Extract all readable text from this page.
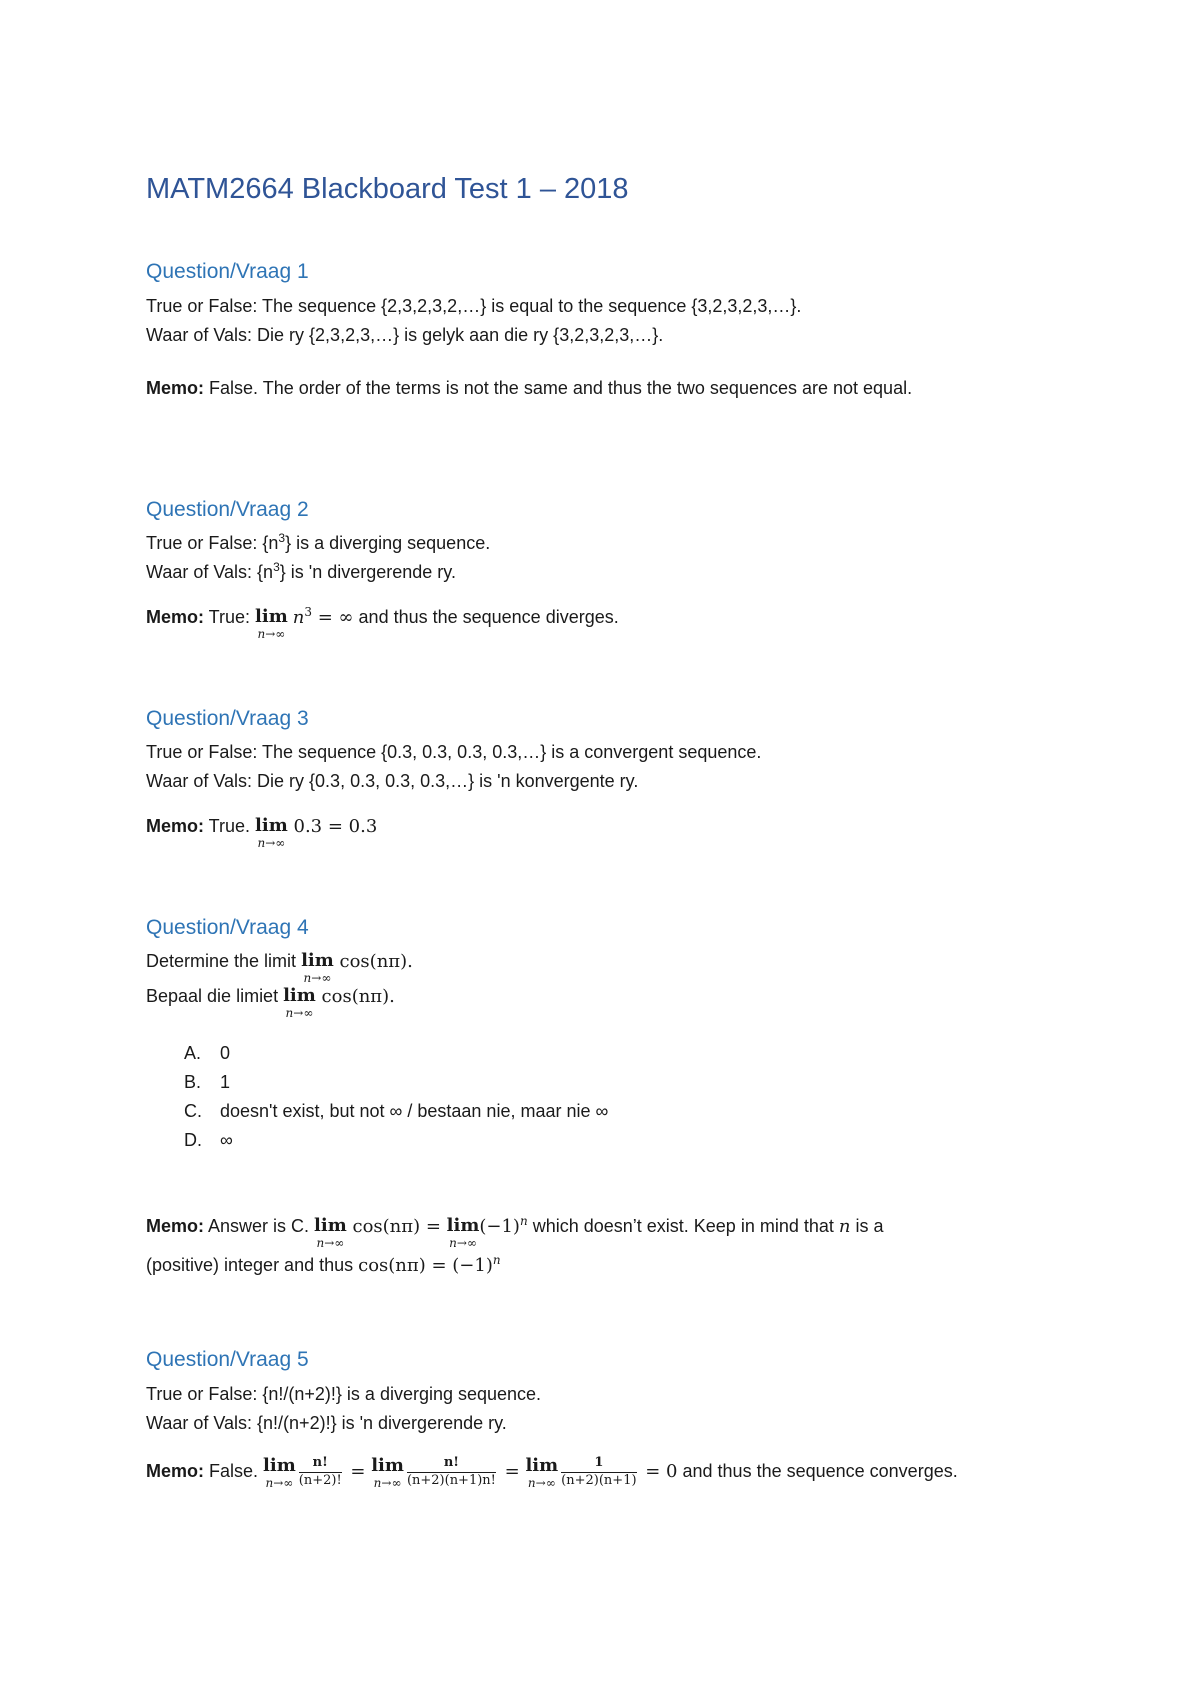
MATM2664 Blackboard Test 1 – 2018
Question/Vraag 1
True or False: The sequence {2,3,2,3,2,…} is equal to the sequence {3,2,3,2,3,…}.
Waar of Vals: Die ry {2,3,2,3,…} is gelyk aan die ry {3,2,3,2,3,…}.
Memo: False. The order of the terms is not the same and thus the two sequences are not equal.
Question/Vraag 2
True or False: $\{n^3\}$ is a diverging sequence.
Waar of Vals: $\{n^3\}$ is 'n divergerende ry.
Memo: True: lim
n→∞
$n^3$ = ∞ and thus the sequence diverges.
Question/Vraag 3
True or False: The sequence {0.3, 0.3, 0.3, 0.3,…} is a convergent sequence.
Waar of Vals: Die ry {0.3, 0.3, 0.3, 0.3,…} is 'n konvergente ry.
Memo: True. lim
n→∞
0.3 = 0.3
Question/Vraag 4
Determine the limit lim
n→∞
cos(nπ).
Bepaal die limiet lim
n→∞
cos(nπ).
A. 0
B. 1
C. doesn't exist, but not ∞ / bestaan nie, maar nie ∞
D. ∞
Memo: Answer is C. lim
n→∞
cos(nπ) = lim
n→∞
$(-1)^n$ which doesn’t exist. Keep in mind that n is a
(positive) integer and thus $\cos(n\pi) = (-1)^n$
Question/Vraag 5
True or False: {n!/(n+2)!} is a diverging sequence.
Waar of Vals: {n!/(n+2)!} is 'n divergerende ry.
Memo: False. lim
$n\to\infty \frac{n!}{(n+2)!} = \lim$
$n\to\infty \frac{n!}{(n+2)(n+1)n!} = \lim$
$n\to\infty \frac{1}{(n+2)(n+1)} = 0$ and thus the sequence converges.
